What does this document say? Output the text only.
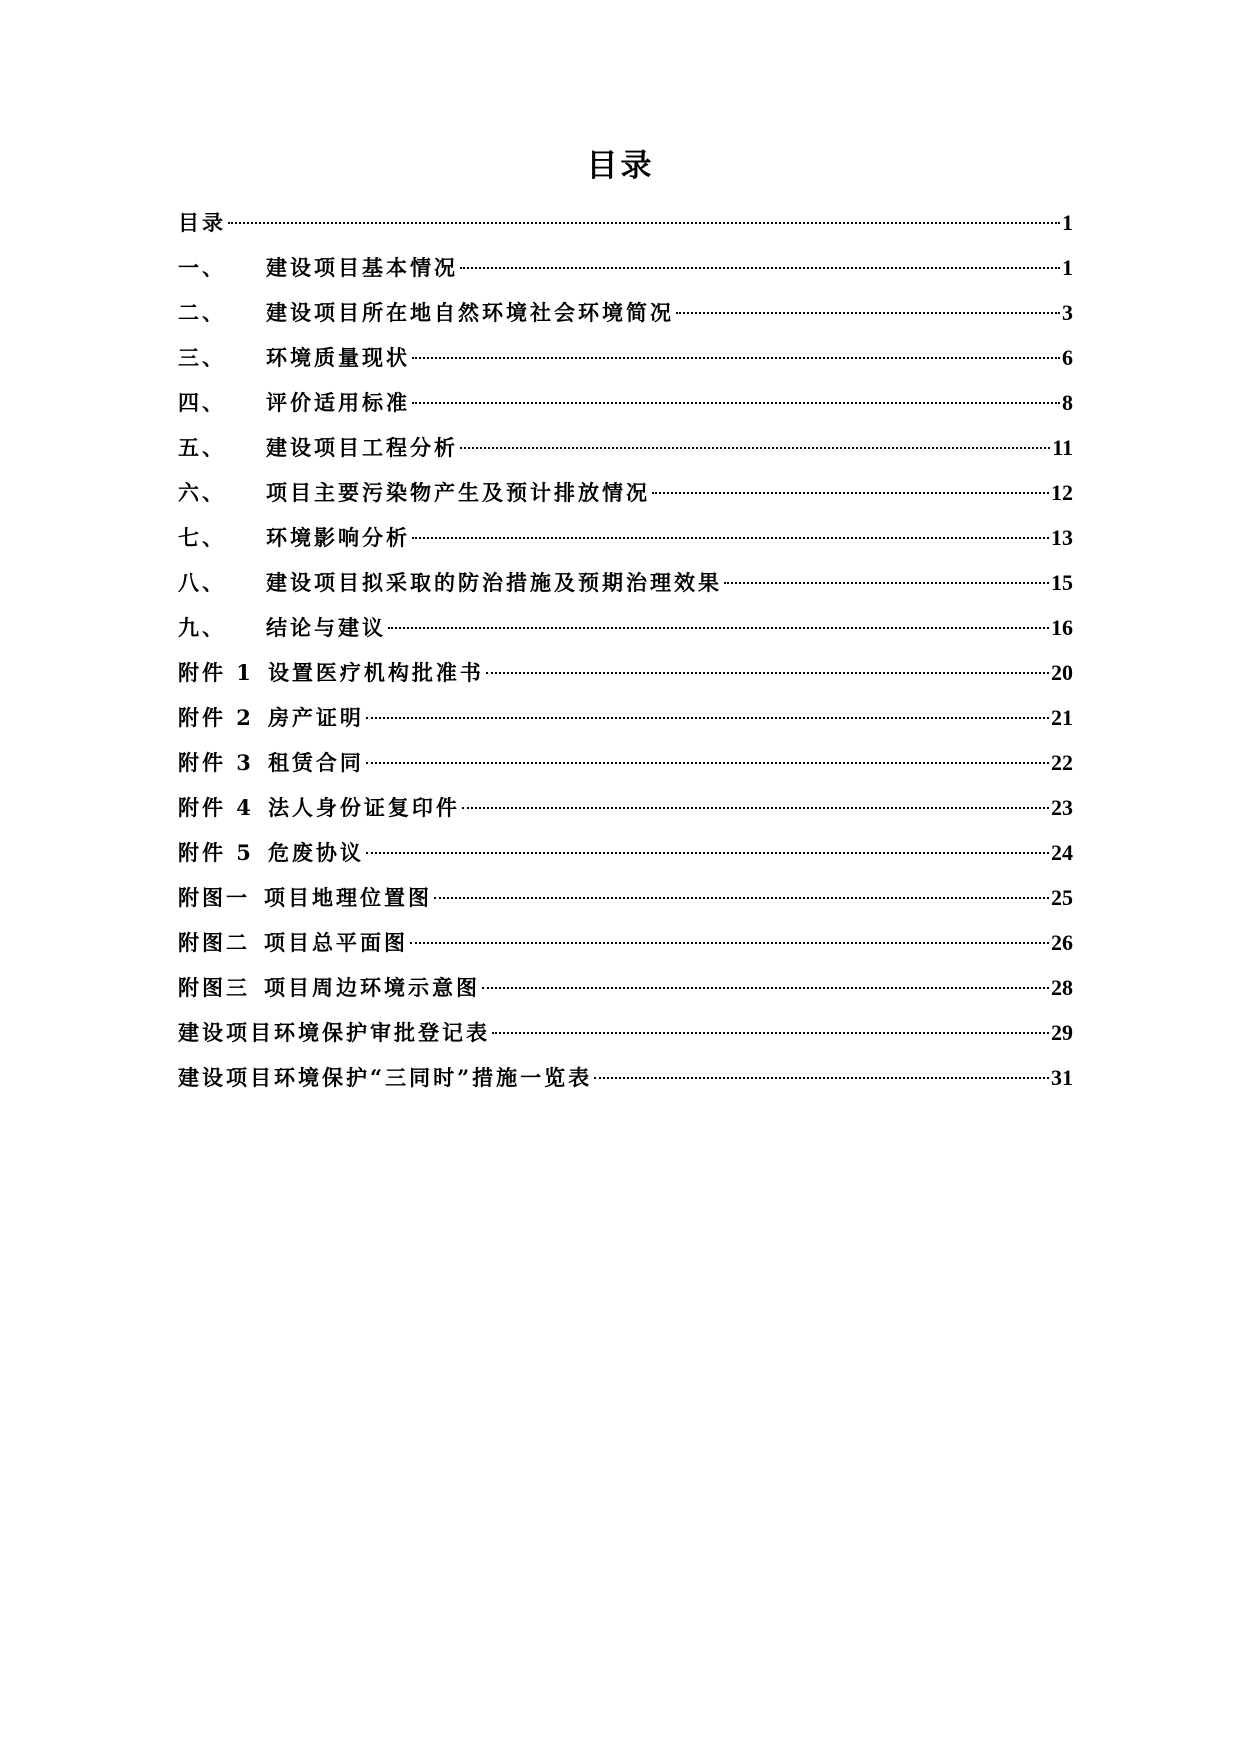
目录
目录	1
一、	建设项目基本情况	1
二、	建设项目所在地自然环境社会环境简况	3
三、	环境质量现状	6
四、	评价适用标准	8
五、	建设项目工程分析	11
六、	项目主要污染物产生及预计排放情况	12
七、	环境影响分析	13
八、	建设项目拟采取的防治措施及预期治理效果	15
九、	结论与建议	16
附件 1 设置医疗机构批准书	20
附件 2 房产证明	21
附件 3 租赁合同	22
附件 4 法人身份证复印件	23
附件 5 危废协议	24
附图一 项目地理位置图	25
附图二 项目总平面图	26
附图三 项目周边环境示意图	28
建设项目环境保护审批登记表	29
建设项目环境保护“三同时”措施一览表	31
